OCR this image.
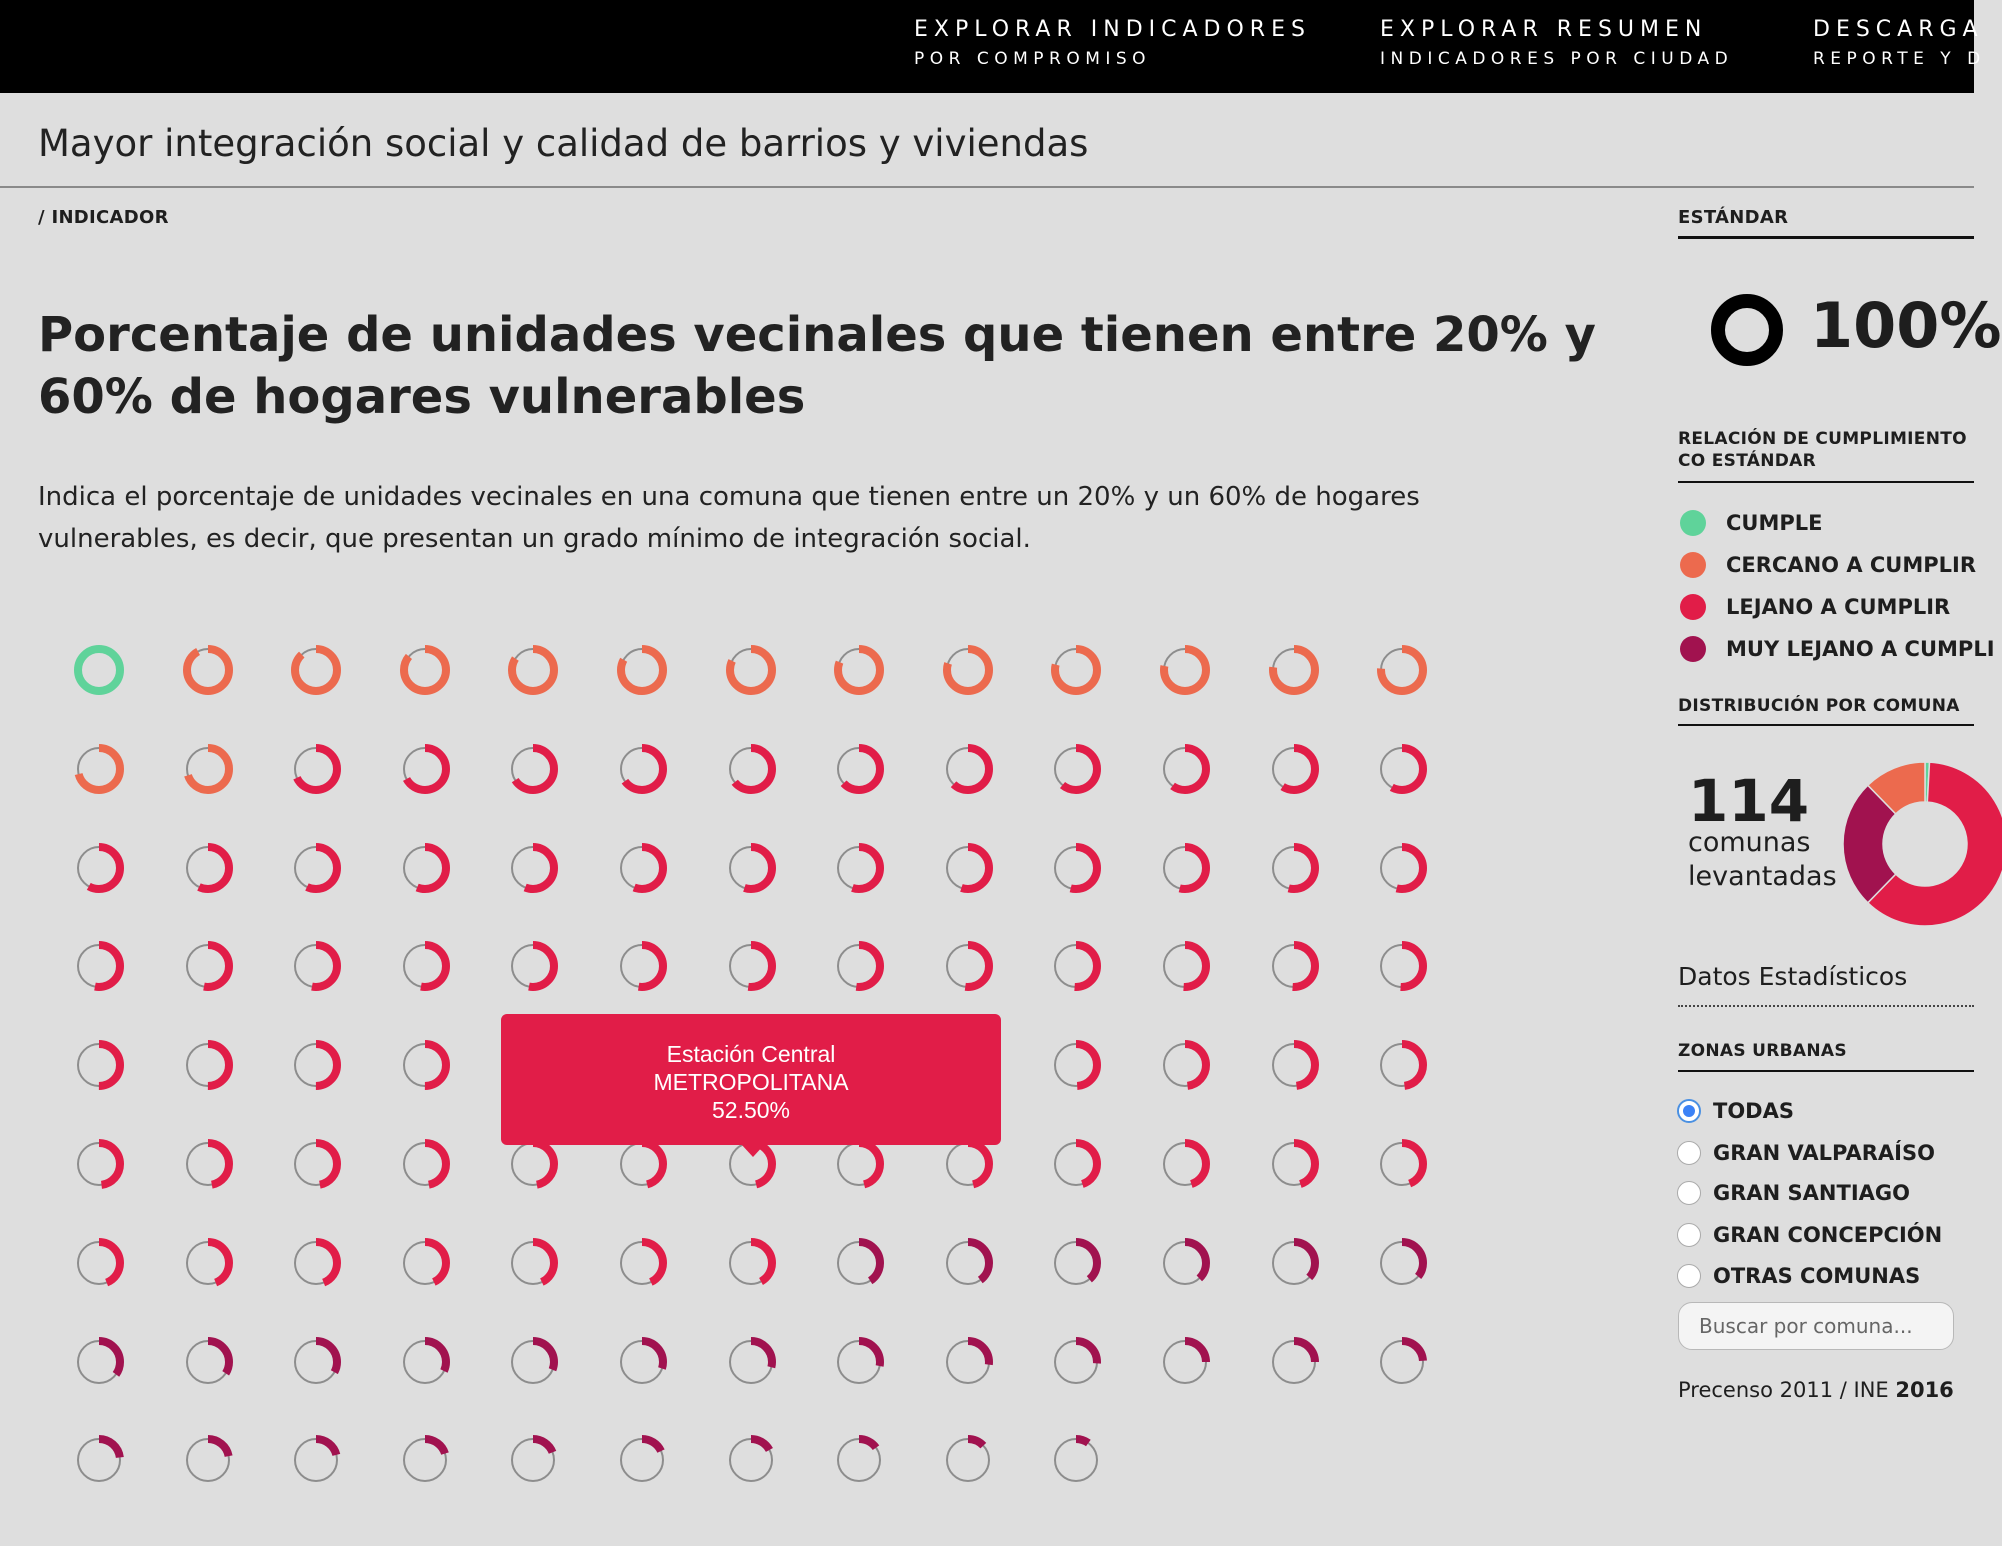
EXPLORAR INDICADORES
POR COMPROMISO
EXPLORAR RESUMEN
INDICADORES POR CIUDAD
DESCARGA
REPORTE Y D
Mayor integración social y calidad de barrios y viviendas
/ INDICADOR
Porcentaje de unidades vecinales que tienen entre 20% y 60% de hogares vulnerables

Indica el porcentaje de unidades vecinales en una comuna que tienen entre un 20% y un 60% de hogares vulnerables, es decir, que presentan un grado mínimo de integración social.

Estación Central
METROPOLITANA
52.50%
ESTÁNDAR
100%
RELACIÓN DE CUMPLIMIENTO CO ESTÁNDAR
CUMPLE
CERCANO A CUMPLIR
LEJANO A CUMPLIR
MUY LEJANO A CUMPLI
DISTRIBUCIÓN POR COMUNA
114
comunas levantadas
Datos Estadísticos
ZONAS URBANAS
TODAS
GRAN VALPARAÍSO
GRAN SANTIAGO
GRAN CONCEPCIÓN
OTRAS COMUNAS
Buscar por comuna...
Precenso 2011 / INE 2016
